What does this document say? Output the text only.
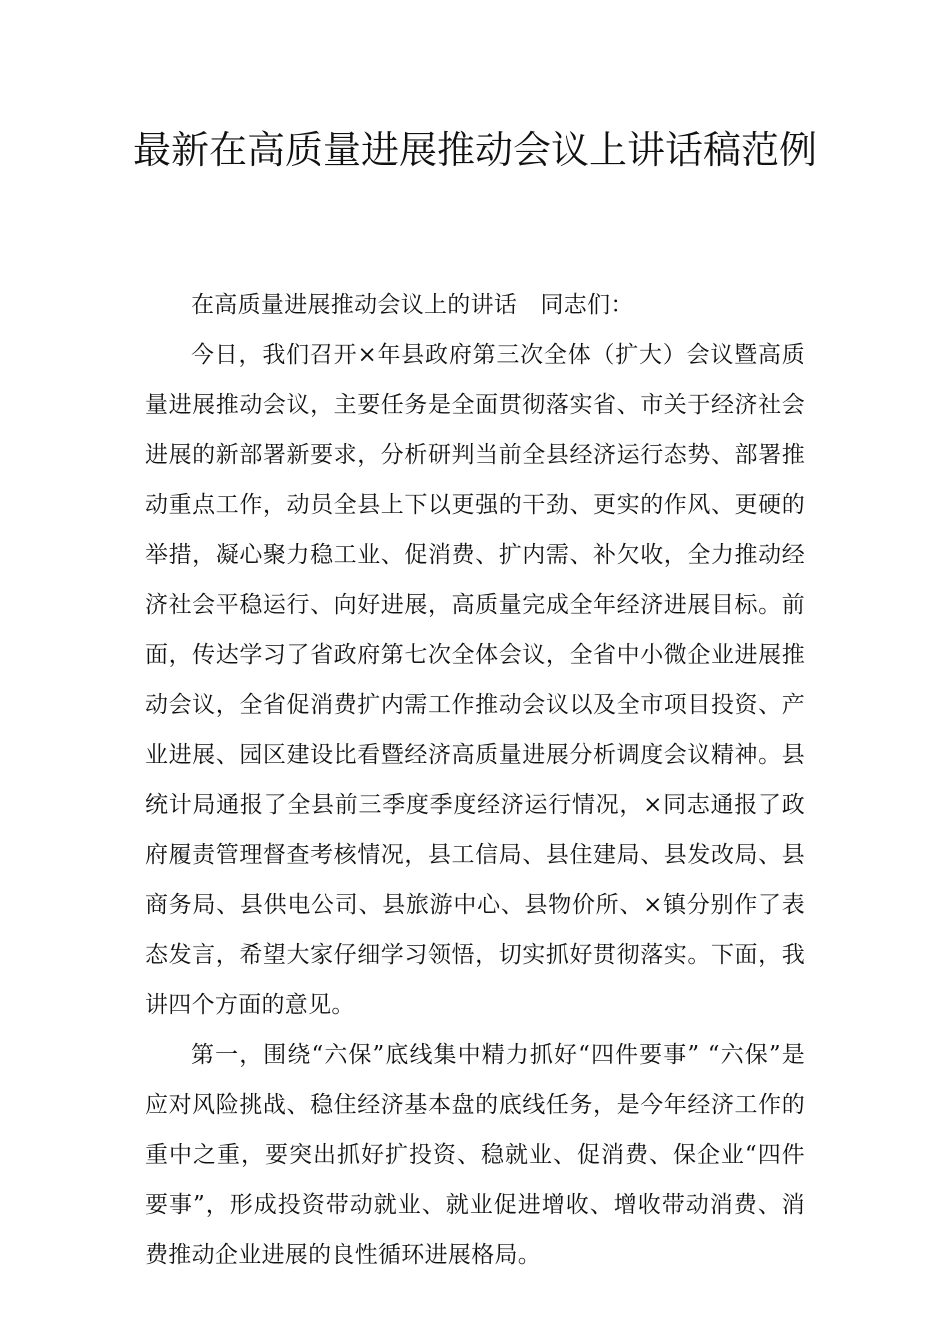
最新在高质量进展推动会议上讲话稿范例

在高质量进展推动会议上的讲话　同志们：

今日，我们召开×年县政府第三次全体（扩大）会议暨高质量进展推动会议，主要任务是全面贯彻落实省、市关于经济社会进展的新部署新要求，分析研判当前全县经济运行态势、部署推动重点工作，动员全县上下以更强的干劲、更实的作风、更硬的举措，凝心聚力稳工业、促消费、扩内需、补欠收，全力推动经济社会平稳运行、向好进展，高质量完成全年经济进展目标。前面，传达学习了省政府第七次全体会议，全省中小微企业进展推动会议，全省促消费扩内需工作推动会议以及全市项目投资、产业进展、园区建设比看暨经济高质量进展分析调度会议精神。县统计局通报了全县前三季度季度经济运行情况，×同志通报了政府履责管理督查考核情况，县工信局、县住建局、县发改局、县商务局、县供电公司、县旅游中心、县物价所、×镇分别作了表态发言，希望大家仔细学习领悟，切实抓好贯彻落实。下面，我讲四个方面的意见。

第一，围绕“六保”底线集中精力抓好“四件要事” “六保”是应对风险挑战、稳住经济基本盘的底线任务，是今年经济工作的重中之重，要突出抓好扩投资、稳就业、促消费、保企业“四件要事”，形成投资带动就业、就业促进增收、增收带动消费、消费推动企业进展的良性循环进展格局。
